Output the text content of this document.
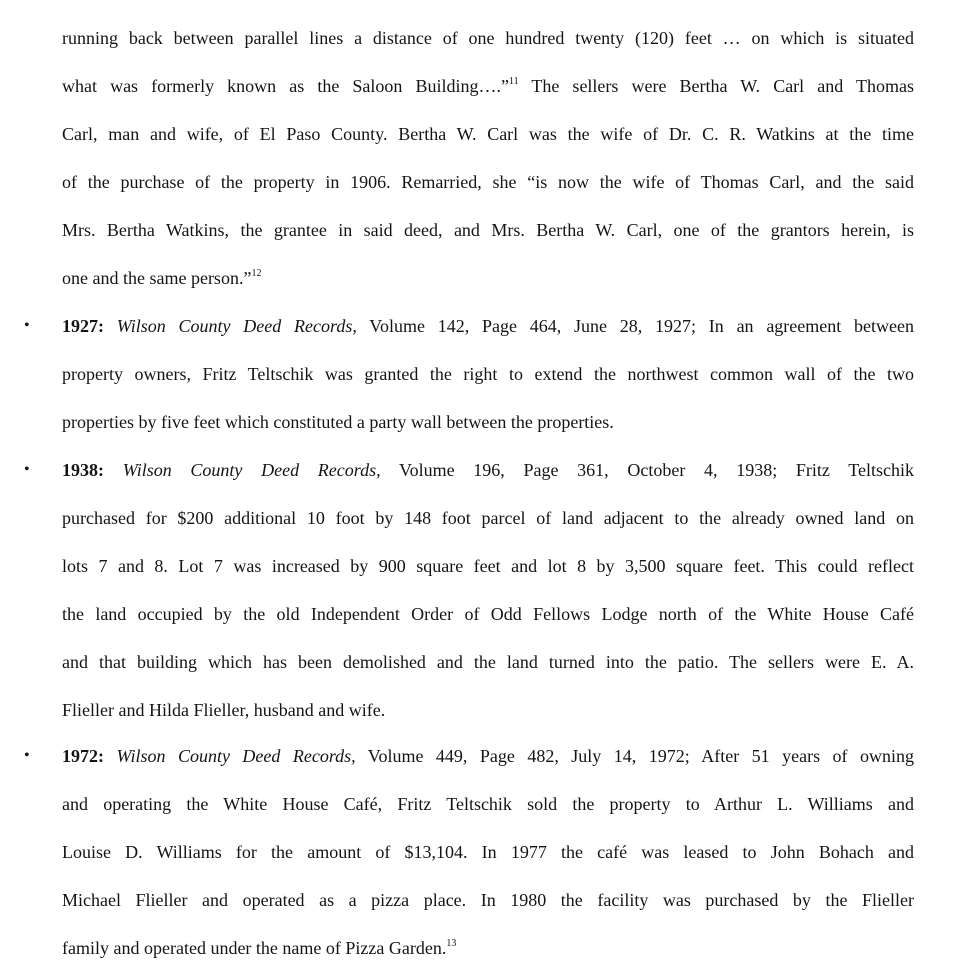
running back between parallel lines a distance of one hundred twenty (120) feet … on which is situated
what was formerly known as the Saloon Building….”$^{11}$ The sellers were Bertha W. Carl and Thomas
Carl, man and wife, of El Paso County. Bertha W. Carl was the wife of Dr. C. R. Watkins at the time
of the purchase of the property in 1906. Remarried, she “is now the wife of Thomas Carl, and the said
Mrs. Bertha Watkins, the grantee in said deed, and Mrs. Bertha W. Carl, one of the grantors herein, is
one and the same person.”$^{12}$
• 1927: Wilson County Deed Records, Volume 142, Page 464, June 28, 1927; In an agreement between
property owners, Fritz Teltschik was granted the right to extend the northwest common wall of the two
properties by five feet which constituted a party wall between the properties.
• 1938: Wilson County Deed Records, Volume 196, Page 361, October 4, 1938; Fritz Teltschik
purchased for $200 additional 10 foot by 148 foot parcel of land adjacent to the already owned land on
lots 7 and 8. Lot 7 was increased by 900 square feet and lot 8 by 3,500 square feet. This could reflect
the land occupied by the old Independent Order of Odd Fellows Lodge north of the White House Café
and that building which has been demolished and the land turned into the patio. The sellers were E. A.
Flieller and Hilda Flieller, husband and wife.
• 1972: Wilson County Deed Records, Volume 449, Page 482, July 14, 1972; After 51 years of owning
and operating the White House Café, Fritz Teltschik sold the property to Arthur L. Williams and
Louise D. Williams for the amount of $13,104. In 1977 the café was leased to John Bohach and
Michael Flieller and operated as a pizza place. In 1980 the facility was purchased by the Flieller
family and operated under the name of Pizza Garden.$^{13}$
